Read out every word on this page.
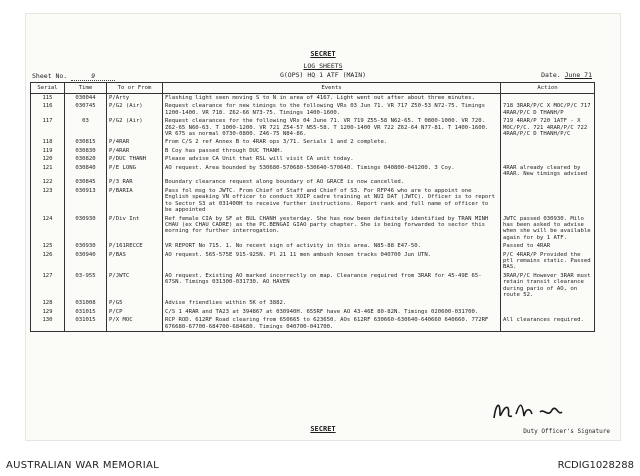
SECRET
LOG SHEETS
G(OPS) HQ 1 ATF (MAIN)
Sheet No.	9	Date. June 71
Serial	Time	To or From	Events	Action
115	030044	P/Arty	Flashing light seen moving S to N in area of 4167. Light went out after about three minutes.	
116	030745	P/G2 (Air)	Request clearance for new timings to the following VRs 03 Jun 71. VR 717 Z50-53 N72-75. Timings 1200-1400. VR 718. Z62-66 N73-75. Timings 1400-1600.	718 3RAR/P/C X MOC/P/C 717 4RAR/P/C D THANH/P
117	03	P/G2 (Air)	Request clearances for the following VRs 04 June 71. VR 719 Z55-58 N62-65. T 0800-1000. VR 720. Z62-65 N60-63. T 1000-1200. VR 721 Z54-57 N55-58. T 1200-1400 VR 722 Z62-64 N77-81. T 1400-1600. VR 675 as normal 0730-0800. Z46-75 N84-86.	719 4RAR/P 720 1ATF - X MOC/P/C. 721 4RAR/P/C 722 4RAR/P/C D THANH/P/C
118	030815	P/4RAR	From C/S 2 ref Annex B to 4RAR ops 3/71. Serials 1 and 2 complete.	
119	030830	P/4RAR	B Coy has passed through DUC THANH.	
120	030820	P/DUC THANH	Please advise CA Unit that RSL will visit CA unit today.	
121	030840	P/E LONG	AO request. Area bounded by 530680-570680-530640-570640. Timings 040800-041200. 3 Coy.	4RAR already cleared by 4RAR. New timings advised
122	030845	P/3 RAR	Boundary clearance request along boundary of AO GRACE is now cancelled.	
123	030913	P/BARIA	Pass fol msg to JWTC. From Chief of Staff and Chief of S3. For RFP46 who are to appoint one English speaking VN officer to conduct XOIP cadre training at NUI DAT (JWTC). Officer is to report to Sector S3 at 031400H to receive further instructions. Report rank and full name of officer to be appointed	
124	030930	P/Div Int	Ref female CIA by SF at BUL CHANH yesterday. She has now been definitely identified by TRAN MINH CHAU (ex CHAU CADRE) as the PC.BENGAI GIAO party chapter. She is being forwarded to sector this morning for further interrogation.	JWTC passed 030930. Milo has been asked to advise when she will be available again for by 1 ATF.
125	030930	P/161RECCE	VR REPORT No 715. 1. No recent sign of activity in this area. N85-88 E47-50.	Passed to 4RAR
126	030940	P/BAS	AO request. 565-575E 915-925N. Pl 21 11 men ambush known tracks 040700 Jun UTN.	P/C 4RAR/P Provided the ptl remains static. Passed BAS.
127	03-955	P/JWTC	AO request. Existing AO marked incorrectly on map. Clearance required from 3RAR for 45-49E 65-67SN. Timings 031300-031730. AO HAVEN	3RAR/P/C However 3RAR must retain transit clearance during pario of AO, on route 52.
128	031008	P/G5	Advise friendlies within 5K of 3882.	
129	031015	P/CP	C/S 1 4RAR and TA23 at 394867 at 030940H. 655RF have AO 43-46E 80-82N. Timings 020600-031700.	
130	031015	P/X MOC	RCP ROD. 612RF Road clearing from 650665 to 623650. AOs 612RF 630660-630640-640660 640660. 772RF 676680-67700-684700-684680. Timings 040700-041700.	All clearances required.
SECRET	Duty Officer's Signature
AUSTRALIAN WAR MEMORIAL	RCDIG1028288
